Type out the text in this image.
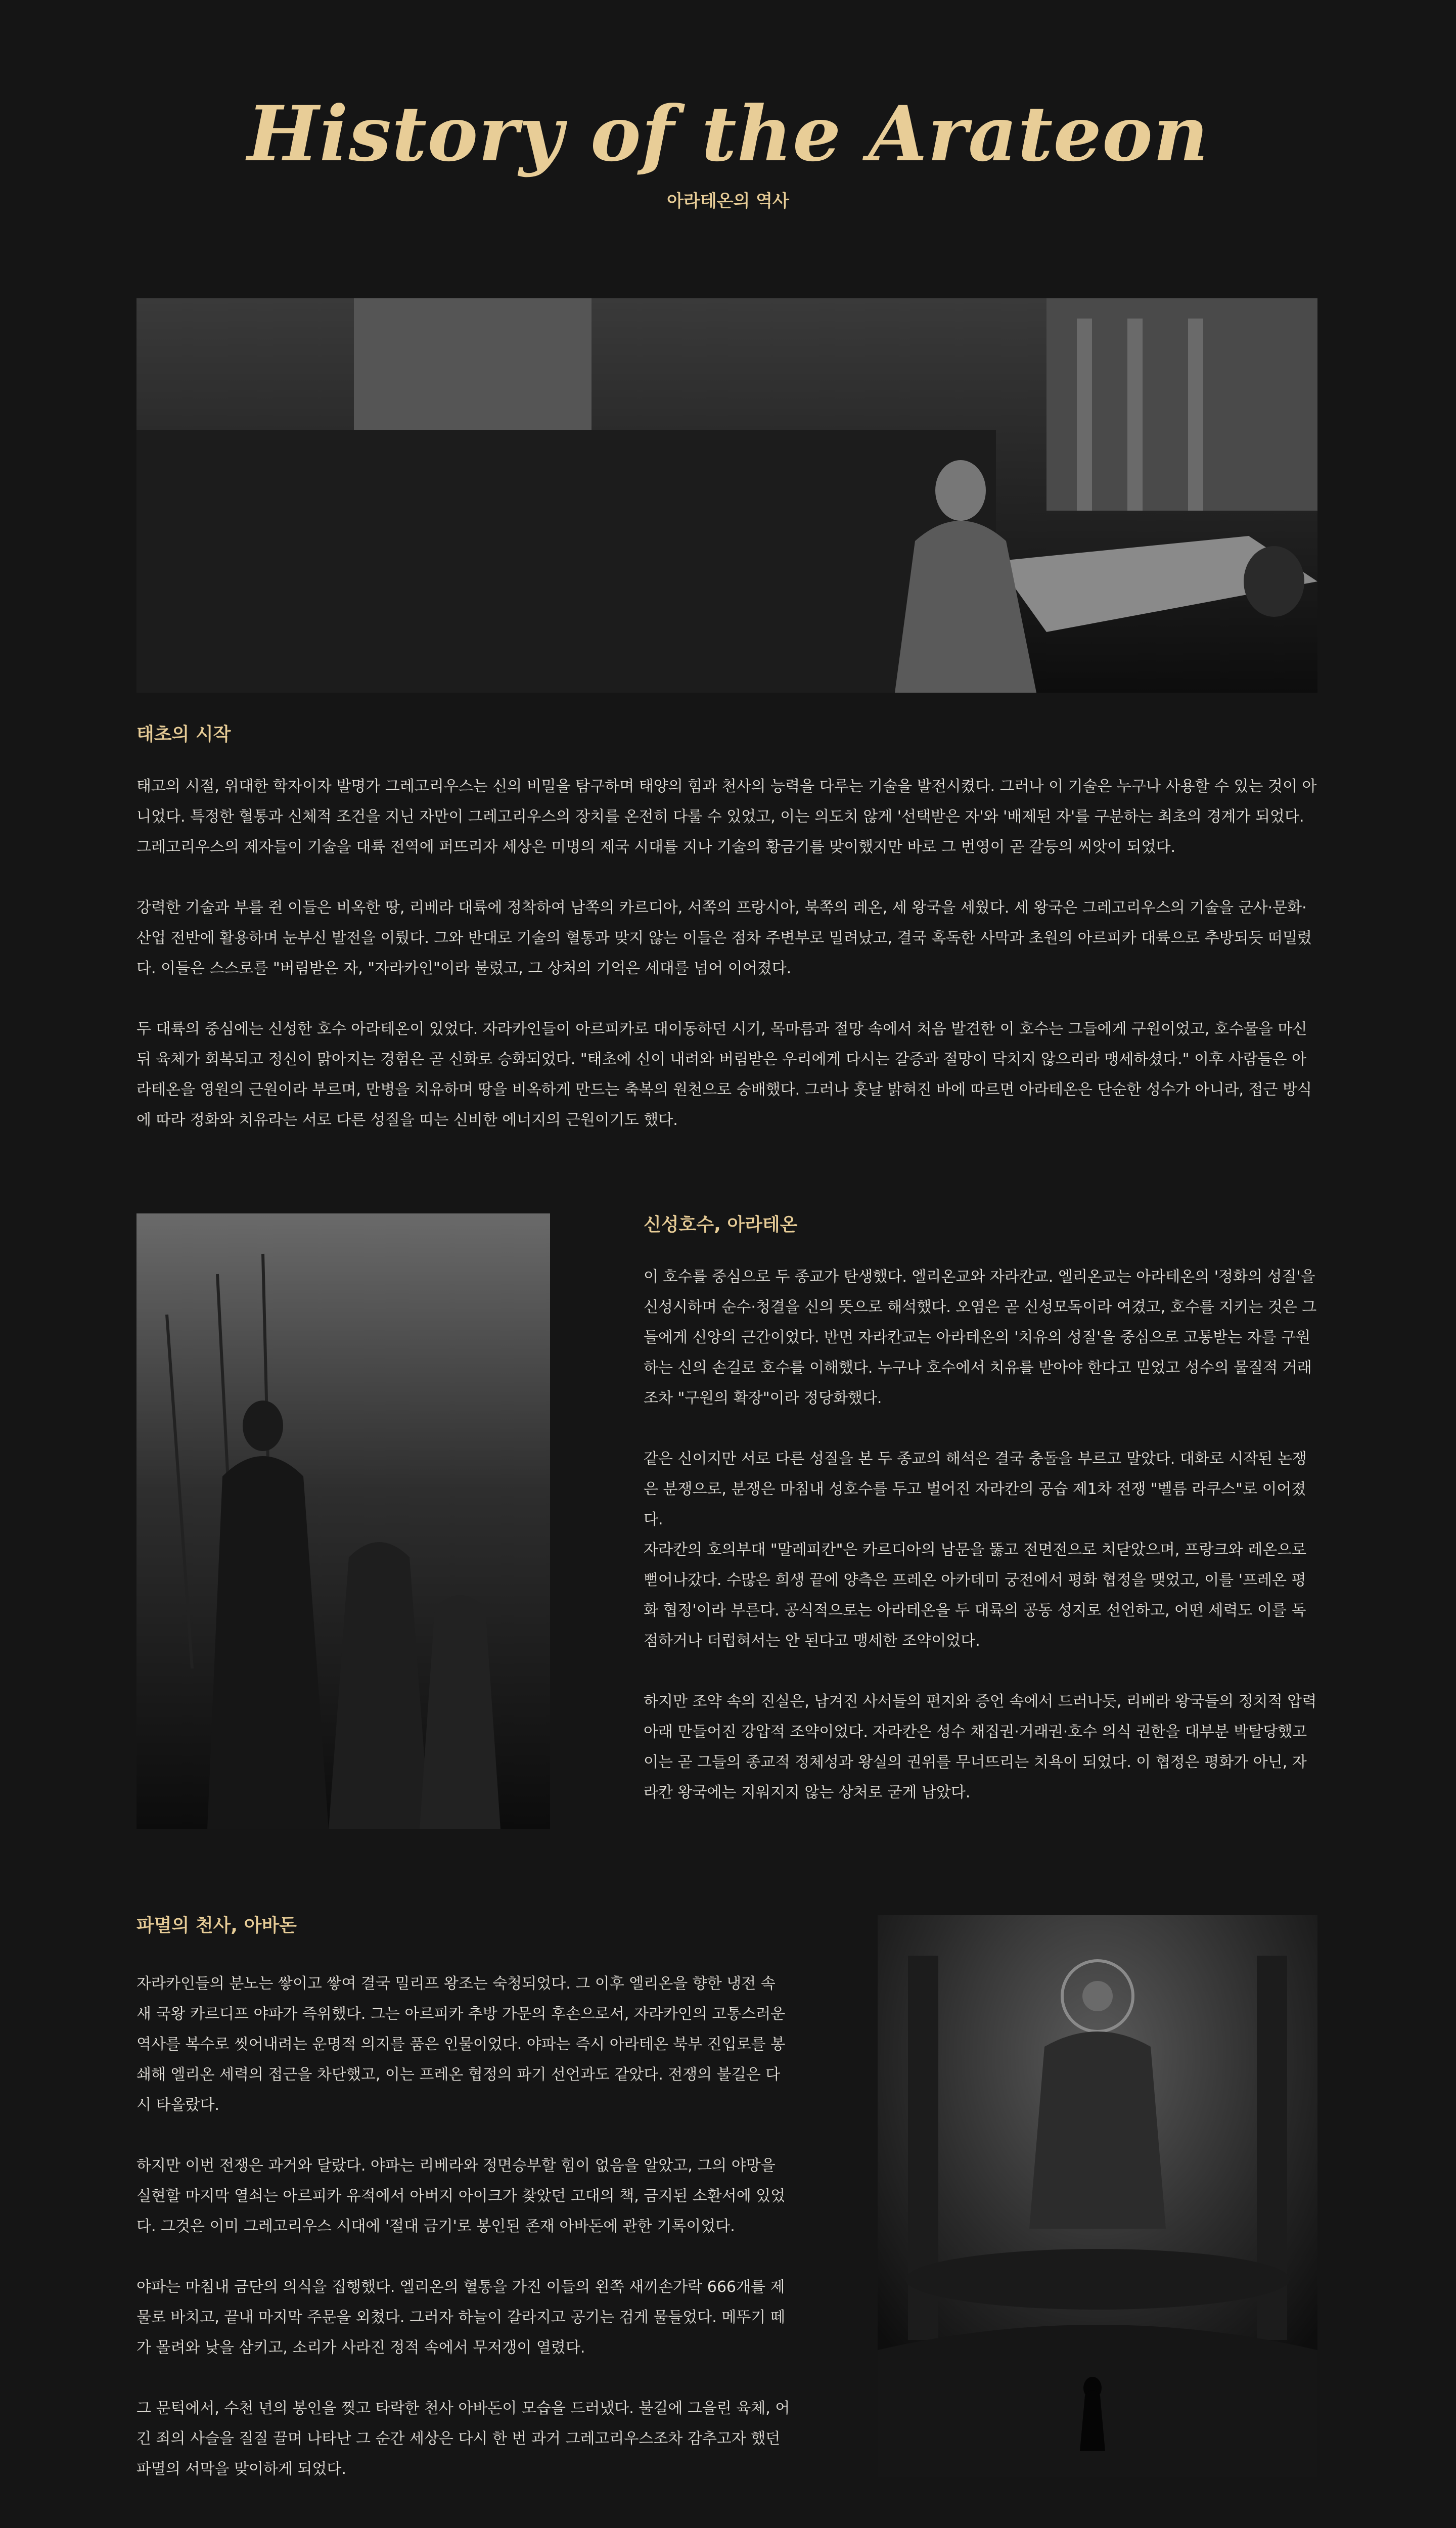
History of the Arateon
아라테온의 역사
태초의 시작

태고의 시절, 위대한 학자이자 발명가 그레고리우스는 신의 비밀을 탐구하며 태양의 힘과 천사의 능력을 다루는 기술을 발전시켰다. 그러나 이 기술은 누구나 사용할 수 있는 것이 아니었다. 특정한 혈통과 신체적 조건을 지닌 자만이 그레고리우스의 장치를 온전히 다룰 수 있었고, 이는 의도치 않게 '선택받은 자'와 '배제된 자'를 구분하는 최초의 경계가 되었다. 그레고리우스의 제자들이 기술을 대륙 전역에 퍼뜨리자 세상은 미명의 제국 시대를 지나 기술의 황금기를 맞이했지만 바로 그 번영이 곧 갈등의 씨앗이 되었다.

강력한 기술과 부를 쥔 이들은 비옥한 땅, 리베라 대륙에 정착하여 남쪽의 카르디아, 서쪽의 프랑시아, 북쪽의 레온, 세 왕국을 세웠다. 세 왕국은 그레고리우스의 기술을 군사·문화·산업 전반에 활용하며 눈부신 발전을 이뤘다. 그와 반대로 기술의 혈통과 맞지 않는 이들은 점차 주변부로 밀려났고, 결국 혹독한 사막과 초원의 아르피카 대륙으로 추방되듯 떠밀렸다. 이들은 스스로를 "버림받은 자, "자라카인"이라 불렀고, 그 상처의 기억은 세대를 넘어 이어졌다.

두 대륙의 중심에는 신성한 호수 아라테온이 있었다. 자라카인들이 아르피카로 대이동하던 시기, 목마름과 절망 속에서 처음 발견한 이 호수는 그들에게 구원이었고, 호수물을 마신 뒤 육체가 회복되고 정신이 맑아지는 경험은 곧 신화로 승화되었다. "태초에 신이 내려와 버림받은 우리에게 다시는 갈증과 절망이 닥치지 않으리라 맹세하셨다." 이후 사람들은 아라테온을 영원의 근원이라 부르며, 만병을 치유하며 땅을 비옥하게 만드는 축복의 원천으로 숭배했다. 그러나 훗날 밝혀진 바에 따르면 아라테온은 단순한 성수가 아니라, 접근 방식에 따라 정화와 치유라는 서로 다른 성질을 띠는 신비한 에너지의 근원이기도 했다.

신성호수, 아라테온

이 호수를 중심으로 두 종교가 탄생했다. 엘리온교와 자라칸교. 엘리온교는 아라테온의 '정화의 성질'을 신성시하며 순수·청결을 신의 뜻으로 해석했다. 오염은 곧 신성모독이라 여겼고, 호수를 지키는 것은 그들에게 신앙의 근간이었다. 반면 자라칸교는 아라테온의 '치유의 성질'을 중심으로 고통받는 자를 구원하는 신의 손길로 호수를 이해했다. 누구나 호수에서 치유를 받아야 한다고 믿었고 성수의 물질적 거래조차 "구원의 확장"이라 정당화했다.

같은 신이지만 서로 다른 성질을 본 두 종교의 해석은 결국 충돌을 부르고 말았다. 대화로 시작된 논쟁은 분쟁으로, 분쟁은 마침내 성호수를 두고 벌어진 자라칸의 공습 제1차 전쟁 "벨름 라쿠스"로 이어졌다.

자라칸의 호의부대 "말레피칸"은 카르디아의 남문을 뚫고 전면전으로 치닫았으며, 프랑크와 레온으로 뻗어나갔다. 수많은 희생 끝에 양측은 프레온 아카데미 궁전에서 평화 협정을 맺었고, 이를 '프레온 평화 협정'이라 부른다. 공식적으로는 아라테온을 두 대륙의 공동 성지로 선언하고, 어떤 세력도 이를 독점하거나 더럽혀서는 안 된다고 맹세한 조약이었다.

하지만 조약 속의 진실은, 남겨진 사서들의 편지와 증언 속에서 드러나듯, 리베라 왕국들의 정치적 압력 아래 만들어진 강압적 조약이었다. 자라칸은 성수 채집권·거래권·호수 의식 권한을 대부분 박탈당했고 이는 곧 그들의 종교적 정체성과 왕실의 권위를 무너뜨리는 치욕이 되었다. 이 협정은 평화가 아닌, 자라칸 왕국에는 지워지지 않는 상처로 굳게 남았다.

파멸의 천사, 아바돈

자라카인들의 분노는 쌓이고 쌓여 결국 밀리프 왕조는 숙청되었다. 그 이후 엘리온을 향한 냉전 속 새 국왕 카르디프 야파가 즉위했다. 그는 아르피카 추방 가문의 후손으로서, 자라카인의 고통스러운 역사를 복수로 씻어내려는 운명적 의지를 품은 인물이었다. 야파는 즉시 아라테온 북부 진입로를 봉쇄해 엘리온 세력의 접근을 차단했고, 이는 프레온 협정의 파기 선언과도 같았다. 전쟁의 불길은 다시 타올랐다.

하지만 이번 전쟁은 과거와 달랐다. 야파는 리베라와 정면승부할 힘이 없음을 알았고, 그의 야망을 실현할 마지막 열쇠는 아르피카 유적에서 아버지 아이크가 찾았던 고대의 책, 금지된 소환서에 있었다. 그것은 이미 그레고리우스 시대에 '절대 금기'로 봉인된 존재 아바돈에 관한 기록이었다.

야파는 마침내 금단의 의식을 집행했다. 엘리온의 혈통을 가진 이들의 왼쪽 새끼손가락 666개를 제물로 바치고, 끝내 마지막 주문을 외쳤다. 그러자 하늘이 갈라지고 공기는 검게 물들었다. 메뚜기 떼가 몰려와 낮을 삼키고, 소리가 사라진 정적 속에서 무저갱이 열렸다.

그 문턱에서, 수천 년의 봉인을 찢고 타락한 천사 아바돈이 모습을 드러냈다. 불길에 그을린 육체, 어긴 죄의 사슬을 질질 끌며 나타난 그 순간 세상은 다시 한 번 과거 그레고리우스조차 감추고자 했던 파멸의 서막을 맞이하게 되었다.
